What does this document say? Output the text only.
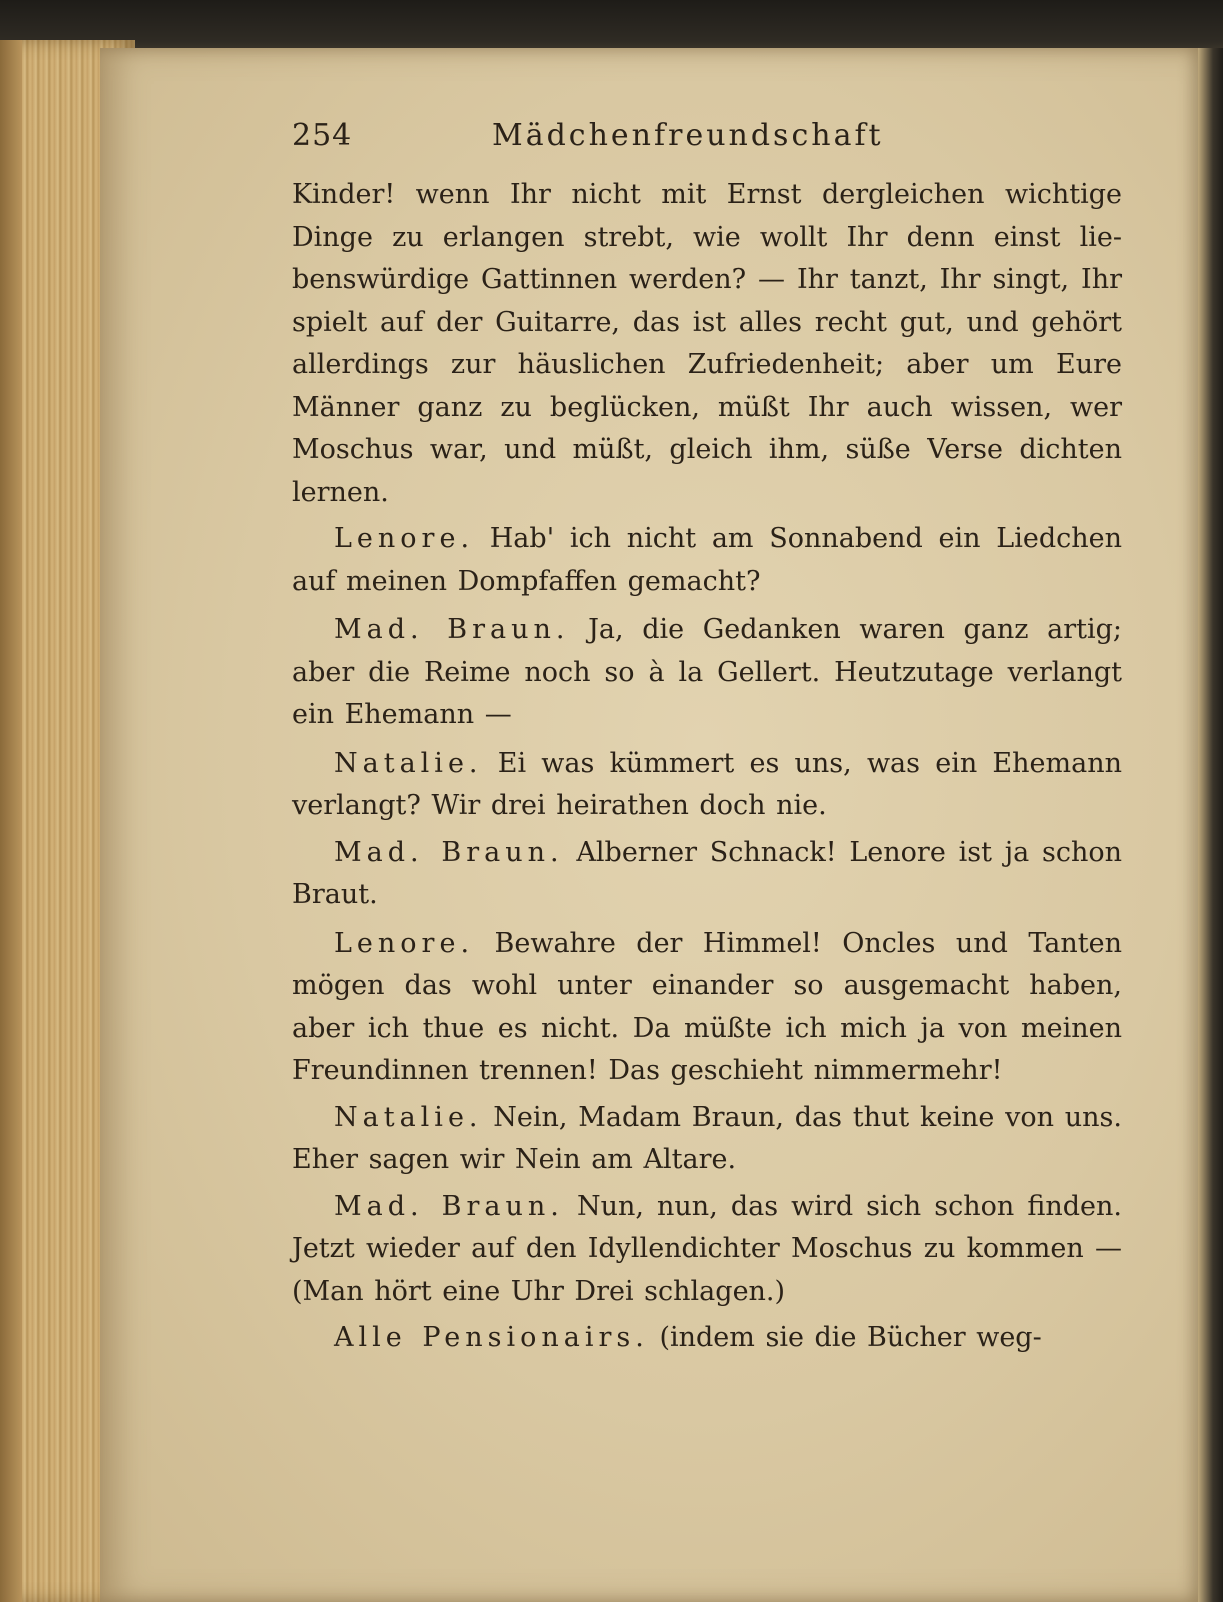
254	Mädchenfreundschaft

Kinder! wenn Ihr nicht mit Ernst dergleichen wichtige Dinge zu erlangen strebt, wie wollt Ihr denn einst liebenswürdige Gattinnen werden? — Ihr tanzt, Ihr singt, Ihr spielt auf der Guitarre, das ist alles recht gut, und gehört allerdings zur häuslichen Zufriedenheit; aber um Eure Männer ganz zu beglücken, müßt Ihr auch wissen, wer Moschus war, und müßt, gleich ihm, süße Verse dichten lernen.

Lenore. Hab' ich nicht am Sonnabend ein Liedchen auf meinen Dompfaffen gemacht?

Mad. Braun. Ja, die Gedanken waren ganz artig; aber die Reime noch so à la Gellert. Heutzutage verlangt ein Ehemann —

Natalie. Ei was kümmert es uns, was ein Ehemann verlangt? Wir drei heirathen doch nie.

Mad. Braun. Alberner Schnack! Lenore ist ja schon Braut.

Lenore. Bewahre der Himmel! Oncles und Tanten mögen das wohl unter einander so ausgemacht haben, aber ich thue es nicht. Da müßte ich mich ja von meinen Freundinnen trennen! Das geschieht nimmermehr!

Natalie. Nein, Madam Braun, das thut keine von uns. Eher sagen wir Nein am Altare.

Mad. Braun. Nun, nun, das wird sich schon finden. Jetzt wieder auf den Idyllendichter Moschus zu kommen — (Man hört eine Uhr Drei schlagen.)

Alle Pensionairs. (indem sie die Bücher weg-
